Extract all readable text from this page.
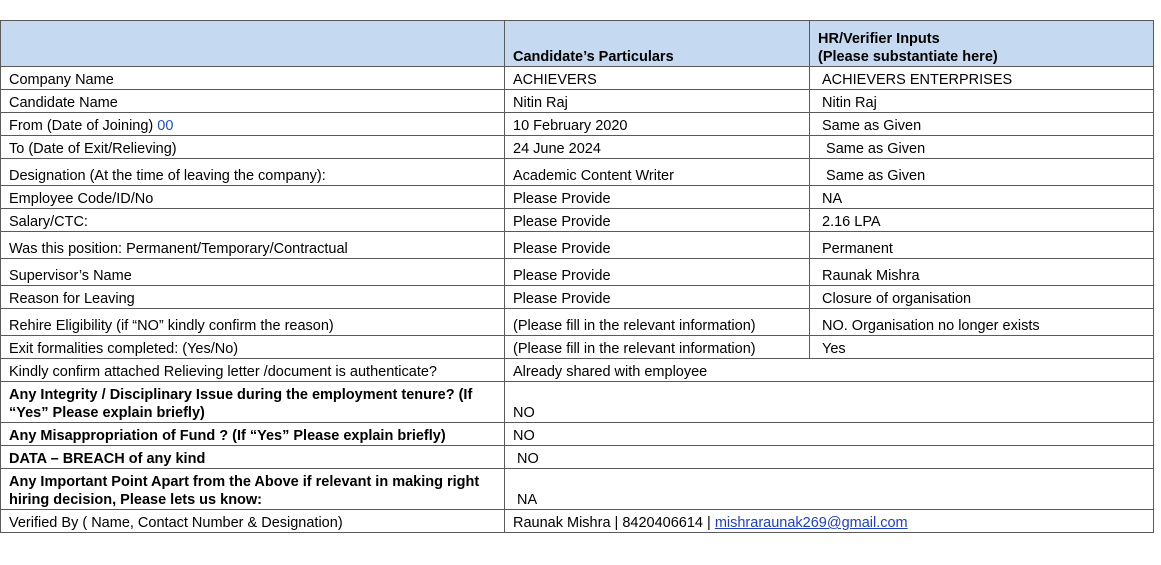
	Candidate’s Particulars	HR/Verifier Inputs
(Please substantiate here)

Company Name	ACHIEVERS	ACHIEVERS ENTERPRISES
Candidate Name	Nitin Raj	Nitin Raj
From (Date of Joining) 00	10 February 2020	Same as Given
To (Date of Exit/Relieving)	24 June 2024	Same as Given
Designation (At the time of leaving the company):	Academic Content Writer	Same as Given
Employee Code/ID/No	Please Provide	NA
Salary/CTC:	Please Provide	2.16 LPA
Was this position: Permanent/Temporary/Contractual	Please Provide	Permanent
Supervisor’s Name	Please Provide	Raunak Mishra
Reason for Leaving	Please Provide	Closure of organisation
Rehire Eligibility (if “NO” kindly confirm the reason)	(Please fill in the relevant information)	NO. Organisation no longer exists
Exit formalities completed: (Yes/No)	(Please fill in the relevant information)	Yes
Kindly confirm attached Relieving letter /document is authenticate?	Already shared with employee	
Any Integrity / Disciplinary Issue during the employment tenure? (If “Yes” Please explain briefly)	NO	
Any Misappropriation of Fund ? (If “Yes” Please explain briefly)	NO	
DATA – BREACH of any kind	NO	
Any Important Point Apart from the Above if relevant in making right hiring decision, Please lets us know:	NA	
Verified By ( Name, Contact Number & Designation)	Raunak Mishra | 8420406614 | mishraraunak269@gmail.com	
